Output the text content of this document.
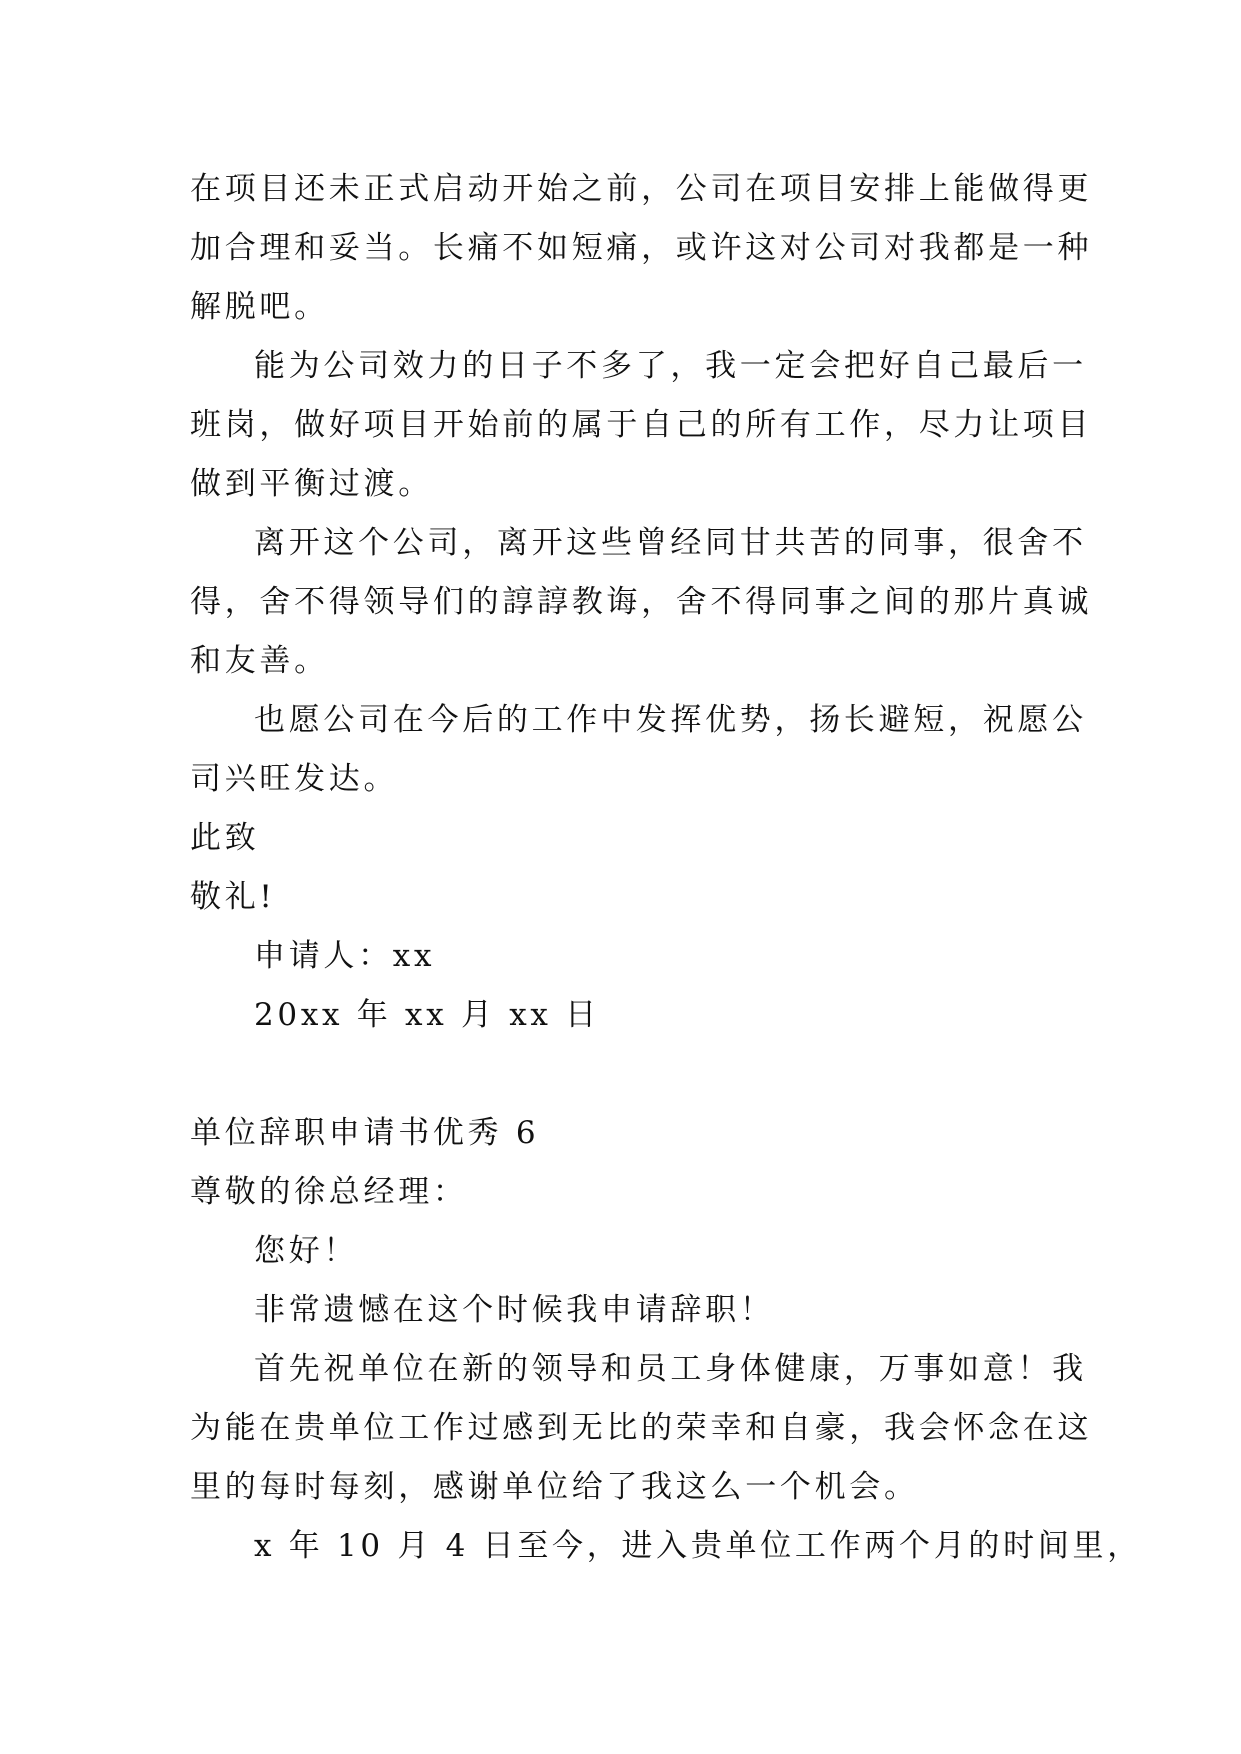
在项目还未正式启动开始之前，公司在项目安排上能做得更
加合理和妥当。长痛不如短痛，或许这对公司对我都是一种
解脱吧。
能为公司效力的日子不多了，我一定会把好自己最后一
班岗，做好项目开始前的属于自己的所有工作，尽力让项目
做到平衡过渡。
离开这个公司，离开这些曾经同甘共苦的同事，很舍不
得，舍不得领导们的諄諄教诲，舍不得同事之间的那片真诚
和友善。
也愿公司在今后的工作中发挥优势，扬长避短，祝愿公
司兴旺发达。
此致
敬礼!
申请人：xx
20xx 年 xx 月 xx 日
单位辞职申请书优秀 6
尊敬的徐总经理：
您好！
非常遗憾在这个时候我申请辞职！
首先祝单位在新的领导和员工身体健康，万事如意！我
为能在贵单位工作过感到无比的荣幸和自豪，我会怀念在这
里的每时每刻，感谢单位给了我这么一个机会。
x 年 10 月 4 日至今，进入贵单位工作两个月的时间里，
